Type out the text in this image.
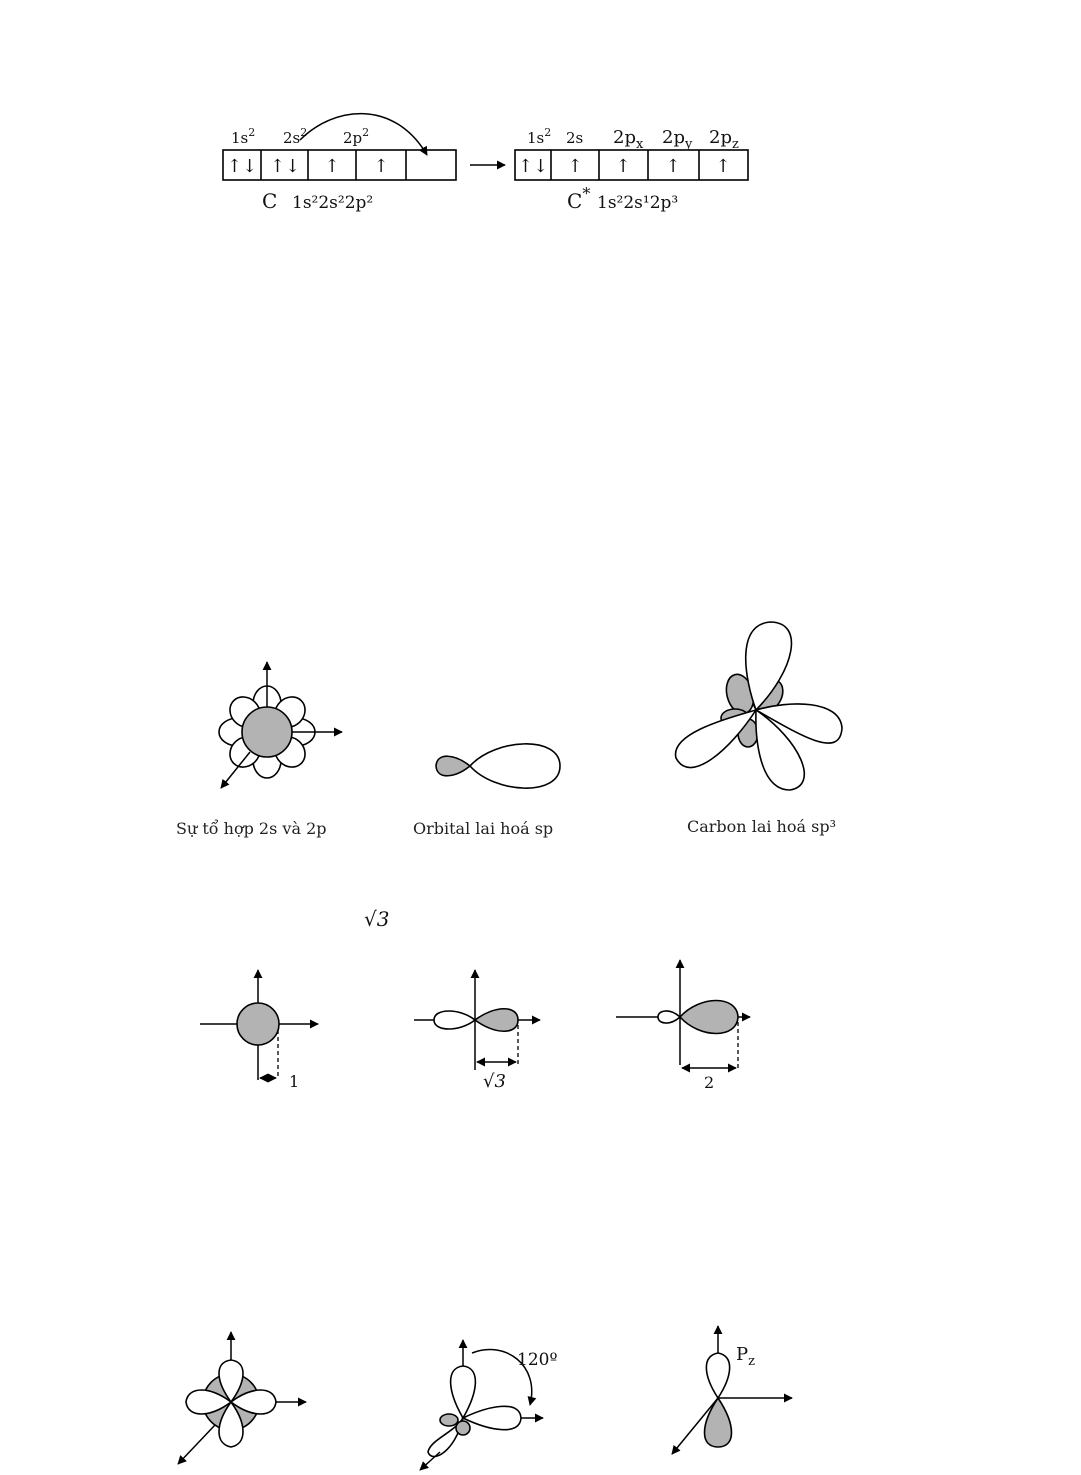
↑↓ ↑↓ ↑ ↑
$1s^2$ $2s^2$ $2p^2$
C 1s²2s²2p²
↑↓ ↑ ↑ ↑ ↑
$1s^2$ 2s $2p_x$ $2p_y$ $2p_z$
C* 1s²2s¹2p³
Sự tổ hợp 2s và 2p	Orbital lai hoá sp	Carbon lai hoá sp³
√3
1	√3	2
120º	$P_z$
